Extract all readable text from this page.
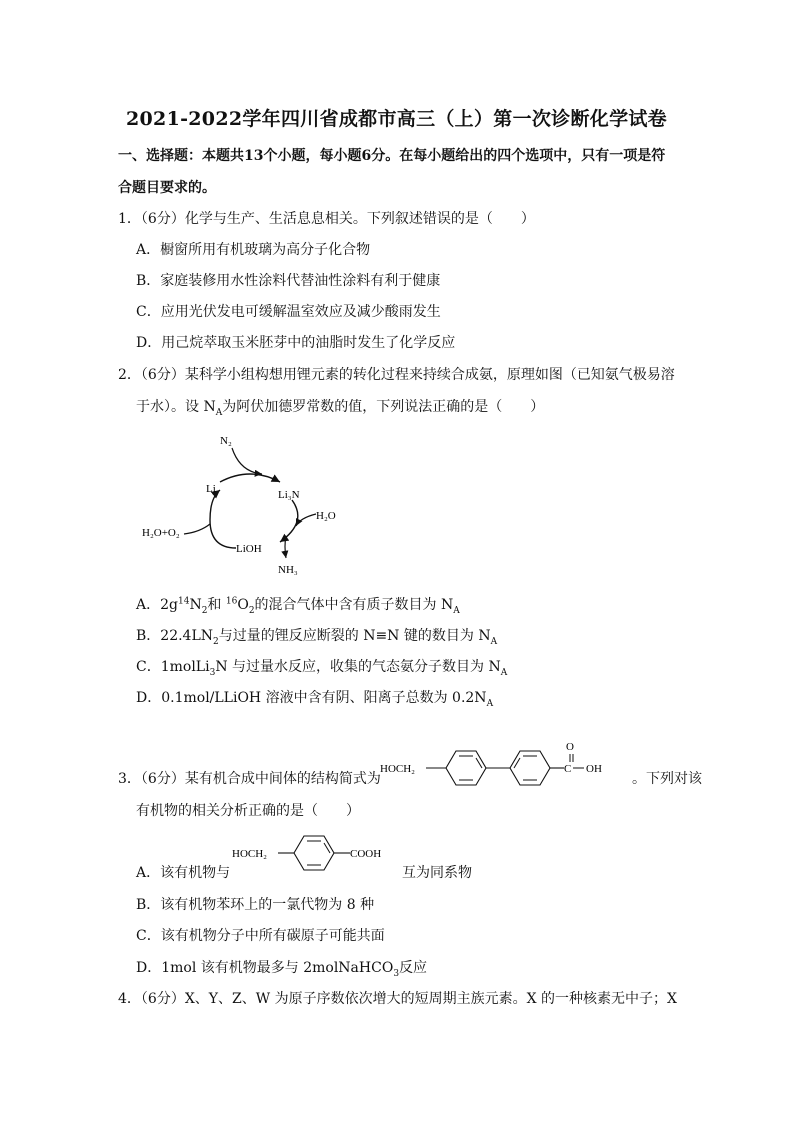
2021-2022学年四川省成都市高三（上）第一次诊断化学试卷
一、选择题：本题共13个小题，每小题6分。在每小题给出的四个选项中，只有一项是符
合题目要求的。
1．（6分）化学与生产、生活息息相关。下列叙述错误的是（　　）
A．橱窗所用有机玻璃为高分子化合物
B．家庭装修用水性涂料代替油性涂料有利于健康
C．应用光伏发电可缓解温室效应及减少酸雨发生
D．用己烷萃取玉米胚芽中的油脂时发生了化学反应
2．（6分）某科学小组构想用锂元素的转化过程来持续合成氨，原理如图（已知氨气极易溶
于水）。设 $N_A$为阿伏加德罗常数的值，下列说法正确的是（　　）
N₂
Li	Li₃N
H₂O
H₂O+O₂
LiOH
NH₃
A．$2g^{14}N_2$和 $^{16}O_2$的混合气体中含有质子数目为 $N_A$
B．$22.4LN_2$与过量的锂反应断裂的 N≡N 键的数目为 $N_A$
C．1molLi$_3$N 与过量水反应，收集的气态氨分子数目为 $N_A$
D．0.1mol/LLiOH 溶液中含有阴、阳离子总数为 $0.2N_A$
3．（6分）某有机合成中间体的结构简式为
HOCH₂	C
O
OH
。下列对该
有机物的相关分析正确的是（　　）
A．该有机物与
HOCH₂	COOH
互为同系物
B．该有机物苯环上的一氯代物为 8 种
C．该有机物分子中所有碳原子可能共面
D．1mol 该有机物最多与 2molNaHCO$_3$反应
4．（6分）X、Y、Z、W 为原子序数依次增大的短周期主族元素。X 的一种核素无中子；X
